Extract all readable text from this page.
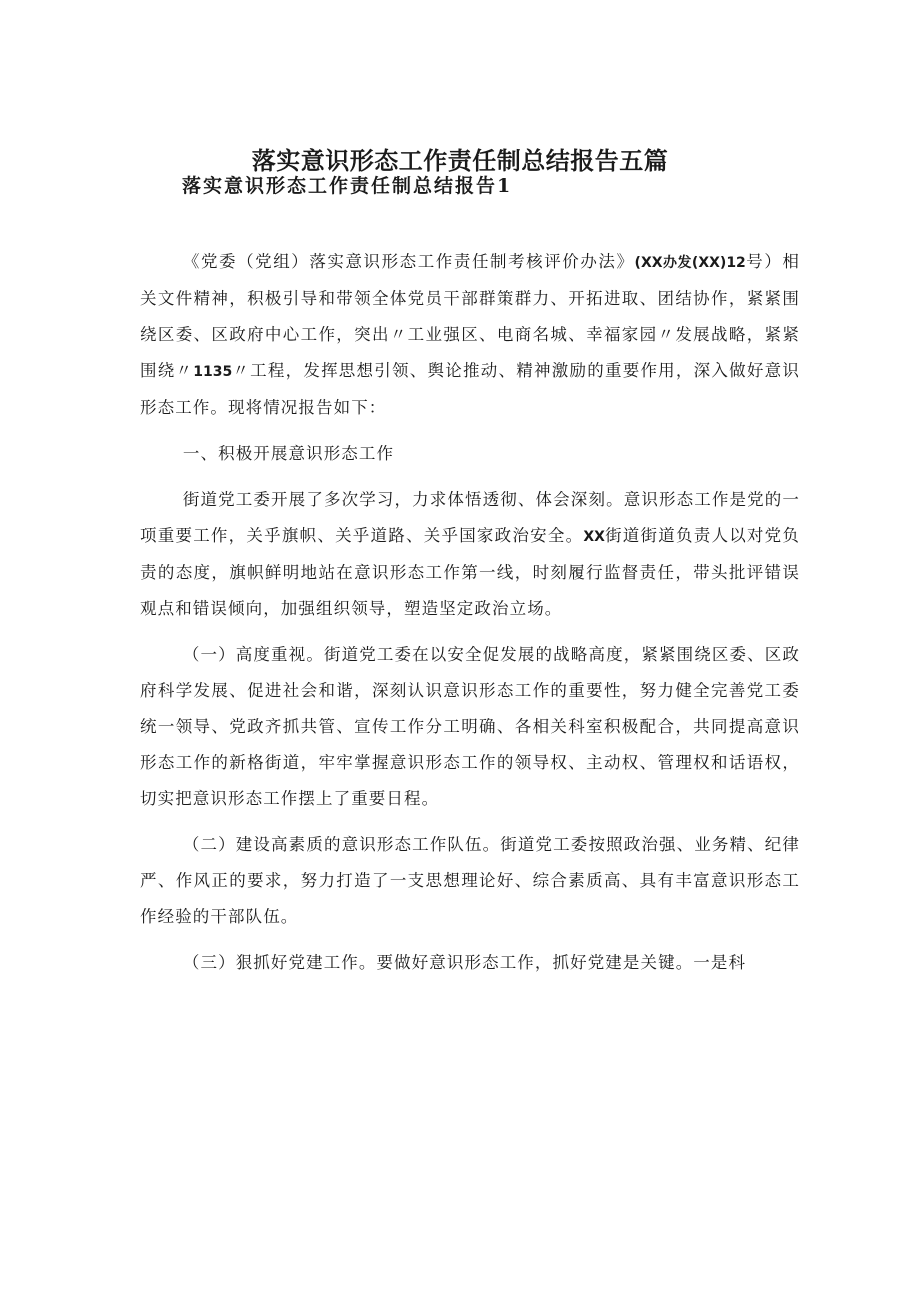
落实意识形态工作责任制总结报告五篇
落实意识形态工作责任制总结报告1

《党委（党组）落实意识形态工作责任制考核评价办法》(XX办发(XX)12号）相关文件精神，积极引导和带领全体党员干部群策群力、开拓进取、团结协作，紧紧围绕区委、区政府中心工作，突出〃工业强区、电商名城、幸福家园〃发展战略，紧紧围绕〃1135〃工程，发挥思想引领、舆论推动、精神激励的重要作用，深入做好意识形态工作。现将情况报告如下：

一、积极开展意识形态工作

街道党工委开展了多次学习，力求体悟透彻、体会深刻。意识形态工作是党的一项重要工作，关乎旗帜、关乎道路、关乎国家政治安全。XX街道街道负责人以对党负责的态度，旗帜鲜明地站在意识形态工作第一线，时刻履行监督责任，带头批评错误观点和错误倾向，加强组织领导，塑造坚定政治立场。

（一）高度重视。街道党工委在以安全促发展的战略高度，紧紧围绕区委、区政府科学发展、促进社会和谐，深刻认识意识形态工作的重要性，努力健全完善党工委统一领导、党政齐抓共管、宣传工作分工明确、各相关科室积极配合，共同提高意识形态工作的新格街道，牢牢掌握意识形态工作的领导权、主动权、管理权和话语权，切实把意识形态工作摆上了重要日程。

（二）建设高素质的意识形态工作队伍。街道党工委按照政治强、业务精、纪律严、作风正的要求，努力打造了一支思想理论好、综合素质高、具有丰富意识形态工作经验的干部队伍。

（三）狠抓好党建工作。要做好意识形态工作，抓好党建是关键。一是科
